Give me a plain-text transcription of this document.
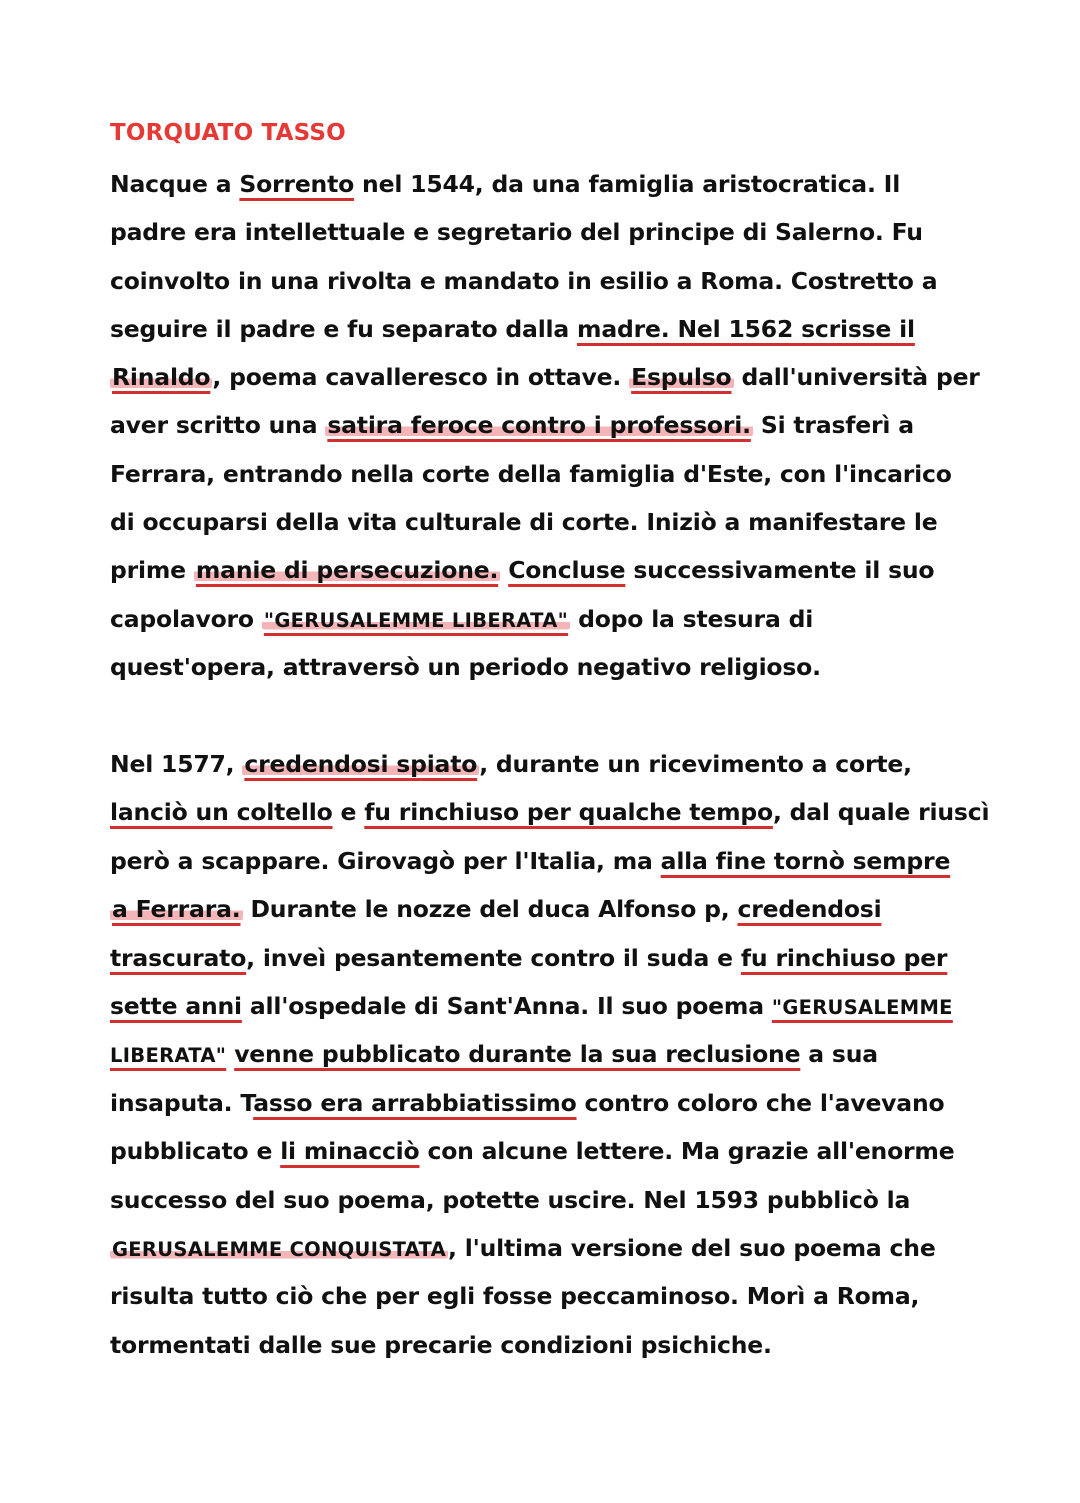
TORQUATO TASSO
Nacque a Sorrento nel 1544, da una famiglia aristocratica. Il
padre era intellettuale e segretario del principe di Salerno. Fu
coinvolto in una rivolta e mandato in esilio a Roma. Costretto a
seguire il padre e fu separato dalla madre. Nel 1562 scrisse il
Rinaldo, poema cavalleresco in ottave. Espulso dall'università per
aver scritto una satira feroce contro i professori. Si trasferì a
Ferrara, entrando nella corte della famiglia d'Este, con l'incarico
di occuparsi della vita culturale di corte. Iniziò a manifestare le
prime manie di persecuzione. Concluse successivamente il suo
capolavoro "GERUSALEMME LIBERATA" dopo la stesura di
quest'opera, attraversò un periodo negativo religioso.
Nel 1577, credendosi spiato, durante un ricevimento a corte,
lanciò un coltello e fu rinchiuso per qualche tempo, dal quale riuscì
però a scappare. Girovagò per l'Italia, ma alla fine tornò sempre
a Ferrara. Durante le nozze del duca Alfonso p, credendosi
trascurato, inveì pesantemente contro il suda e fu rinchiuso per
sette anni all'ospedale di Sant'Anna. Il suo poema "GERUSALEMME
LIBERATA" venne pubblicato durante la sua reclusione a sua
insaputa. Tasso era arrabbiatissimo contro coloro che l'avevano
pubblicato e li minacciò con alcune lettere. Ma grazie all'enorme
successo del suo poema, potette uscire. Nel 1593 pubblicò la
GERUSALEMME CONQUISTATA, l'ultima versione del suo poema che
risulta tutto ciò che per egli fosse peccaminoso. Morì a Roma,
tormentati dalle sue precarie condizioni psichiche.
